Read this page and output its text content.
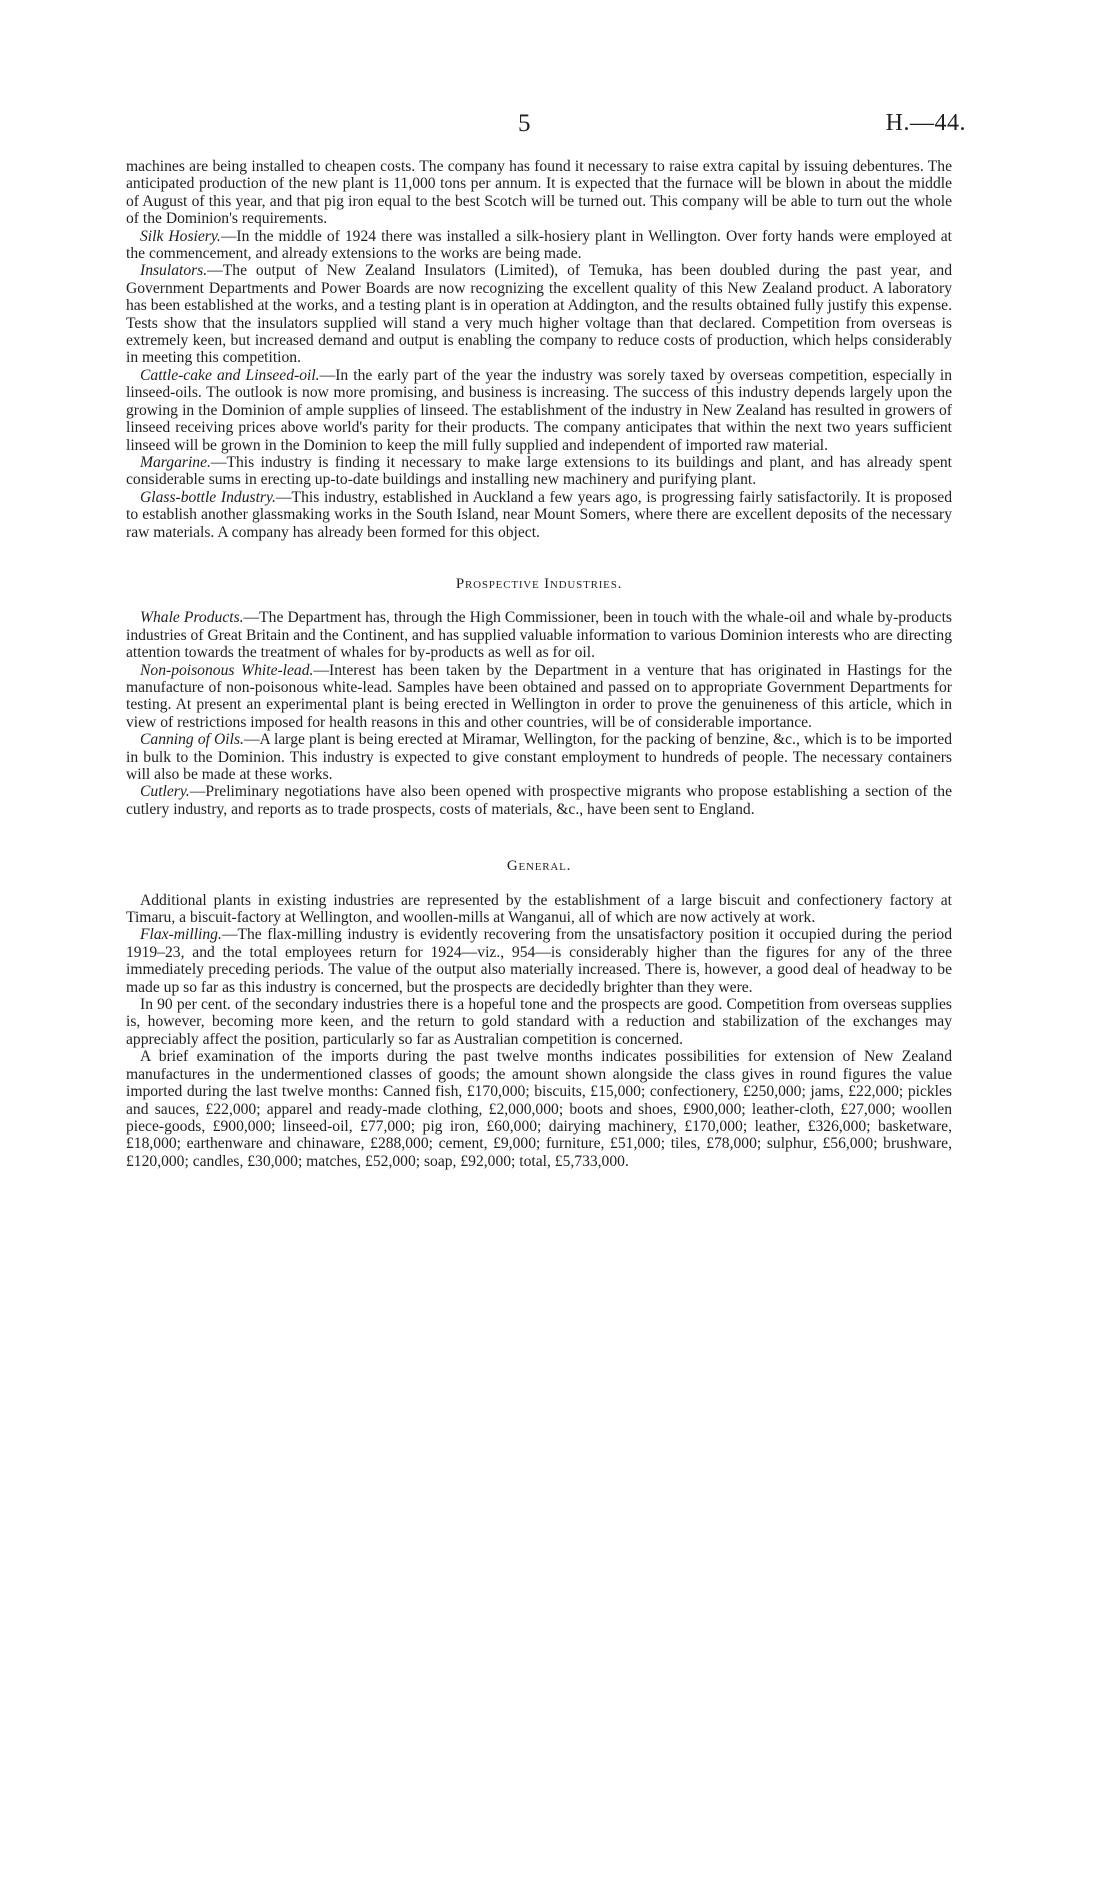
5	H.—44.

machines are being installed to cheapen costs. The company has found it necessary to raise extra capital by issuing debentures. The anticipated production of the new plant is 11,000 tons per annum. It is expected that the furnace will be blown in about the middle of August of this year, and that pig iron equal to the best Scotch will be turned out. This company will be able to turn out the whole of the Dominion's requirements.

Silk Hosiery.—In the middle of 1924 there was installed a silk-hosiery plant in Wellington. Over forty hands were employed at the commencement, and already extensions to the works are being made.

Insulators.—The output of New Zealand Insulators (Limited), of Temuka, has been doubled during the past year, and Government Departments and Power Boards are now recognizing the excellent quality of this New Zealand product. A laboratory has been established at the works, and a testing plant is in operation at Addington, and the results obtained fully justify this expense. Tests show that the insulators supplied will stand a very much higher voltage than that declared. Competition from overseas is extremely keen, but increased demand and output is enabling the company to reduce costs of production, which helps considerably in meeting this competition.

Cattle-cake and Linseed-oil.—In the early part of the year the industry was sorely taxed by overseas competition, especially in linseed-oils. The outlook is now more promising, and business is increasing. The success of this industry depends largely upon the growing in the Dominion of ample supplies of linseed. The establishment of the industry in New Zealand has resulted in growers of linseed receiving prices above world's parity for their products. The company anticipates that within the next two years sufficient linseed will be grown in the Dominion to keep the mill fully supplied and independent of imported raw material.

Margarine.—This industry is finding it necessary to make large extensions to its buildings and plant, and has already spent considerable sums in erecting up-to-date buildings and installing new machinery and purifying plant.

Glass-bottle Industry.—This industry, established in Auckland a few years ago, is progressing fairly satisfactorily. It is proposed to establish another glassmaking works in the South Island, near Mount Somers, where there are excellent deposits of the necessary raw materials. A company has already been formed for this object.

Prospective Industries.

Whale Products.—The Department has, through the High Commissioner, been in touch with the whale-oil and whale by-products industries of Great Britain and the Continent, and has supplied valuable information to various Dominion interests who are directing attention towards the treatment of whales for by-products as well as for oil.

Non-poisonous White-lead.—Interest has been taken by the Department in a venture that has originated in Hastings for the manufacture of non-poisonous white-lead. Samples have been obtained and passed on to appropriate Government Departments for testing. At present an experimental plant is being erected in Wellington in order to prove the genuineness of this article, which in view of restrictions imposed for health reasons in this and other countries, will be of considerable importance.

Canning of Oils.—A large plant is being erected at Miramar, Wellington, for the packing of benzine, &c., which is to be imported in bulk to the Dominion. This industry is expected to give constant employment to hundreds of people. The necessary containers will also be made at these works.

Cutlery.—Preliminary negotiations have also been opened with prospective migrants who propose establishing a section of the cutlery industry, and reports as to trade prospects, costs of materials, &c., have been sent to England.

General.

Additional plants in existing industries are represented by the establishment of a large biscuit and confectionery factory at Timaru, a biscuit-factory at Wellington, and woollen-mills at Wanganui, all of which are now actively at work.

Flax-milling.—The flax-milling industry is evidently recovering from the unsatisfactory position it occupied during the period 1919–23, and the total employees return for 1924—viz., 954—is considerably higher than the figures for any of the three immediately preceding periods. The value of the output also materially increased. There is, however, a good deal of headway to be made up so far as this industry is concerned, but the prospects are decidedly brighter than they were.

In 90 per cent. of the secondary industries there is a hopeful tone and the prospects are good. Competition from overseas supplies is, however, becoming more keen, and the return to gold standard with a reduction and stabilization of the exchanges may appreciably affect the position, particularly so far as Australian competition is concerned.

A brief examination of the imports during the past twelve months indicates possibilities for extension of New Zealand manufactures in the undermentioned classes of goods; the amount shown alongside the class gives in round figures the value imported during the last twelve months: Canned fish, £170,000; biscuits, £15,000; confectionery, £250,000; jams, £22,000; pickles and sauces, £22,000; apparel and ready-made clothing, £2,000,000; boots and shoes, £900,000; leather-cloth, £27,000; woollen piece-goods, £900,000; linseed-oil, £77,000; pig iron, £60,000; dairying machinery, £170,000; leather, £326,000; basketware, £18,000; earthenware and chinaware, £288,000; cement, £9,000; furniture, £51,000; tiles, £78,000; sulphur, £56,000; brushware, £120,000; candles, £30,000; matches, £52,000; soap, £92,000; total, £5,733,000.
